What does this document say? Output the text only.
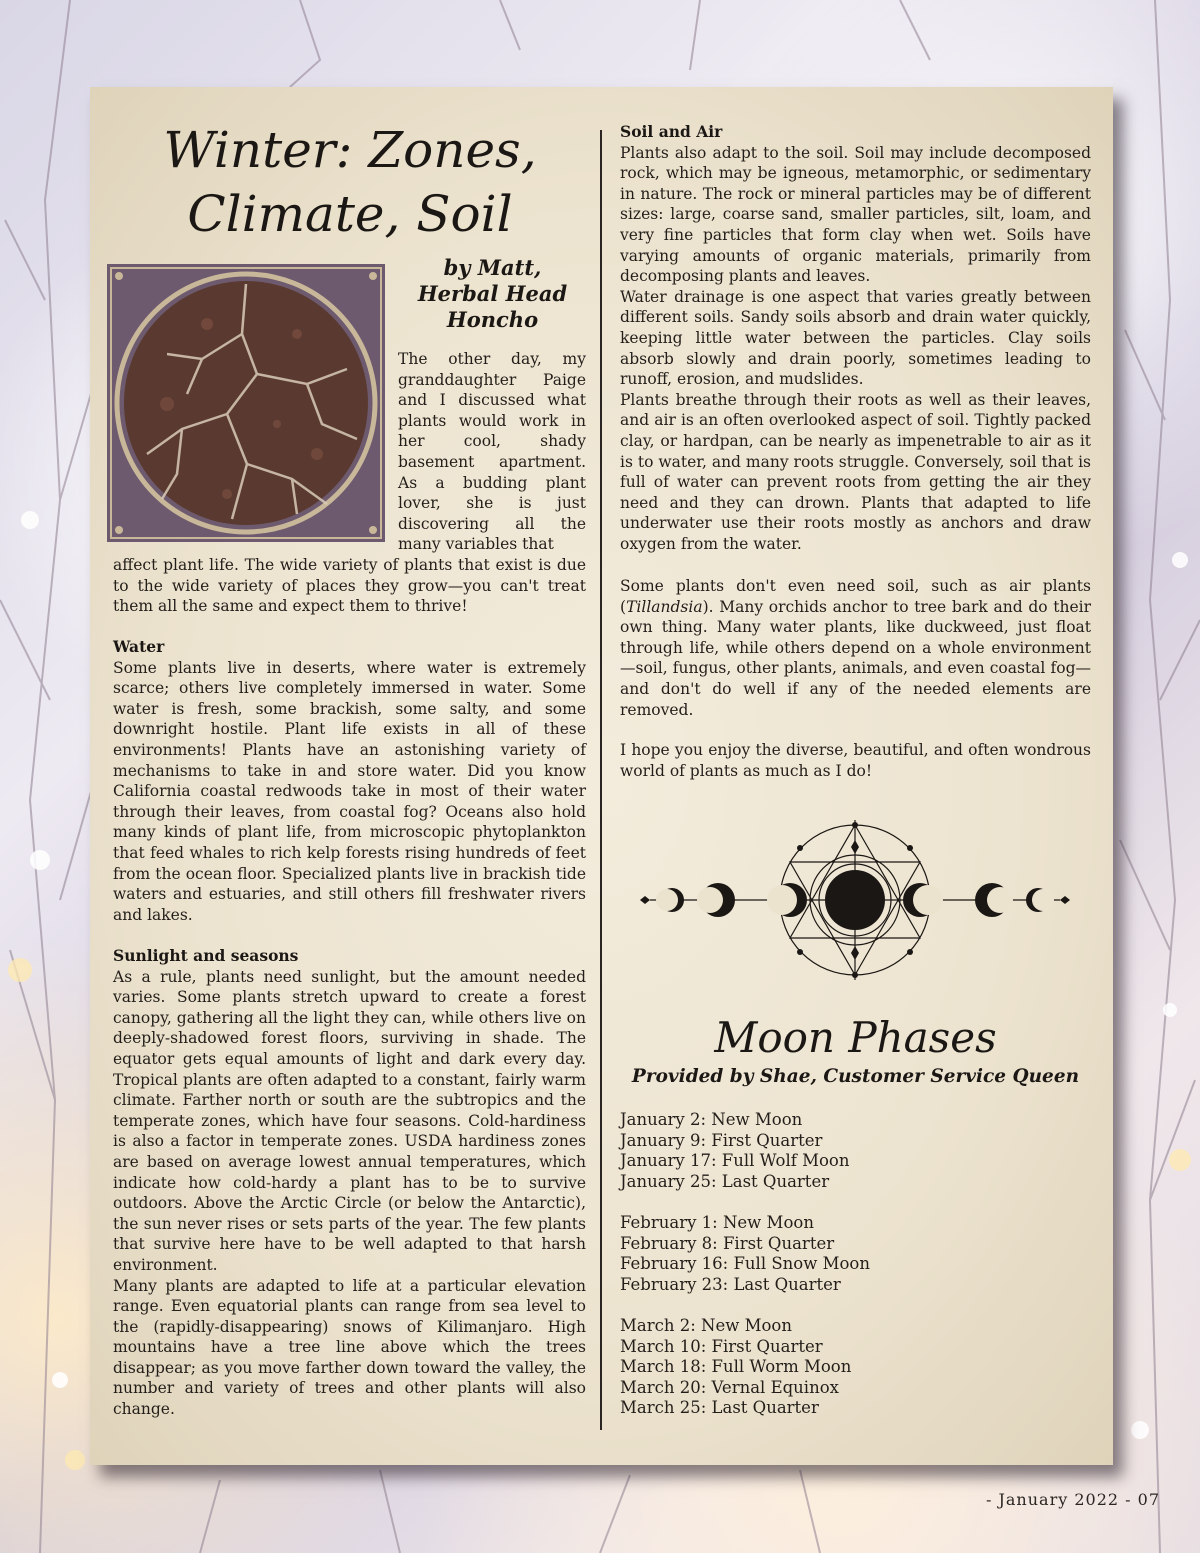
Winter: Zones,
Climate, Soil
by Matt,
Herbal Head
Honcho

The other day, my granddaughter Paige and I discussed what plants would work in her cool, shady basement apartment. As a budding plant lover, she is just discovering all the many variables that

affect plant life. The wide variety of plants that exist is due to the wide variety of places they grow—you can't treat them all the same and expect them to thrive!

Water

Some plants live in deserts, where water is extremely scarce; others live completely immersed in water. Some water is fresh, some brackish, some salty, and some downright hostile. Plant life exists in all of these environments! Plants have an astonishing variety of mechanisms to take in and store water. Did you know California coastal redwoods take in most of their water through their leaves, from coastal fog? Oceans also hold many kinds of plant life, from microscopic phytoplankton that feed whales to rich kelp forests rising hundreds of feet from the ocean floor. Specialized plants live in brackish tide waters and estuaries, and still others fill freshwater rivers and lakes.

Sunlight and seasons

As a rule, plants need sunlight, but the amount needed varies. Some plants stretch upward to create a forest canopy, gathering all the light they can, while others live on deeply-shadowed forest floors, surviving in shade. The equator gets equal amounts of light and dark every day. Tropical plants are often adapted to a constant, fairly warm climate. Farther north or south are the subtropics and the temperate zones, which have four seasons. Cold-hardiness is also a factor in temperate zones. USDA hardiness zones are based on average lowest annual temperatures, which indicate how cold-hardy a plant has to be to survive outdoors. Above the Arctic Circle (or below the Antarctic), the sun never rises or sets parts of the year. The few plants that survive here have to be well adapted to that harsh environment.

Many plants are adapted to life at a particular elevation range. Even equatorial plants can range from sea level to the (rapidly-disappearing) snows of Kilimanjaro. High mountains have a tree line above which the trees disappear; as you move farther down toward the valley, the number and variety of trees and other plants will also change.

Soil and Air

Plants also adapt to the soil. Soil may include decomposed rock, which may be igneous, metamorphic, or sedimentary in nature. The rock or mineral particles may be of different sizes: large, coarse sand, smaller particles, silt, loam, and very fine particles that form clay when wet. Soils have varying amounts of organic materials, primarily from decomposing plants and leaves.

Water drainage is one aspect that varies greatly between different soils. Sandy soils absorb and drain water quickly, keeping little water between the particles. Clay soils absorb slowly and drain poorly, sometimes leading to runoff, erosion, and mudslides.

Plants breathe through their roots as well as their leaves, and air is an often overlooked aspect of soil. Tightly packed clay, or hardpan, can be nearly as impenetrable to air as it is to water, and many roots struggle. Conversely, soil that is full of water can prevent roots from getting the air they need and they can drown. Plants that adapted to life underwater use their roots mostly as anchors and draw oxygen from the water.

Some plants don't even need soil, such as air plants (Tillandsia). Many orchids anchor to tree bark and do their own thing. Many water plants, like duckweed, just float through life, while others depend on a whole environment—soil, fungus, other plants, animals, and even coastal fog—and don't do well if any of the needed elements are removed.

I hope you enjoy the diverse, beautiful, and often wondrous world of plants as much as I do!

Moon Phases
Provided by Shae, Customer Service Queen
January 2: New Moon
January 9: First Quarter
January 17: Full Wolf Moon
January 25: Last Quarter
February 1: New Moon
February 8: First Quarter
February 16: Full Snow Moon
February 23: Last Quarter
March 2: New Moon
March 10: First Quarter
March 18: Full Worm Moon
March 20: Vernal Equinox
March 25: Last Quarter
- January 2022 - 07
